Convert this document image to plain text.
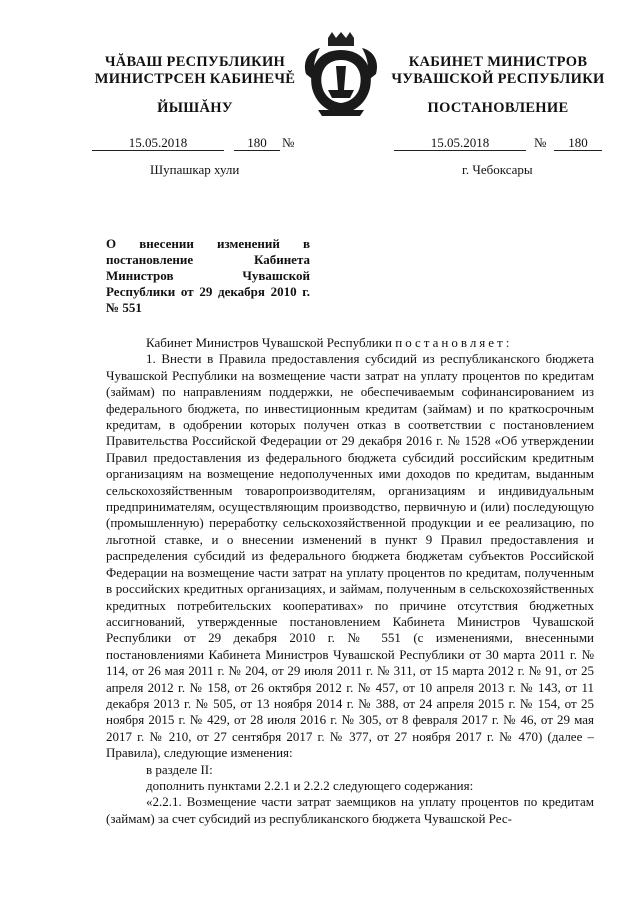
ЧĂВАШ РЕСПУБЛИКИН
МИНИСТРСЕН КАБИНЕЧĚ
КАБИНЕТ МИНИСТРОВ
ЧУВАШСКОЙ РЕСПУБЛИКИ
ЙЫШĂНУ	ПОСТАНОВЛЕНИЕ
15.05.2018	180	№	15.05.2018	№	180
Шупашкар хули	г. Чебоксары
О внесении изменений в постановление Кабинета Министров Чувашской Республики от 29 декабря 2010 г. № 551

Кабинет Министров Чувашской Республики постановляет:

1. Внести в Правила предоставления субсидий из республиканского бюджета Чувашской Республики на возмещение части затрат на уплату процентов по кредитам (займам) по направлениям поддержки, не обеспечиваемым софинансированием из федерального бюджета, по инвестиционным кредитам (займам) и по краткосрочным кредитам, в одобрении которых получен отказ в соответствии с постановлением Правительства Российской Федерации от 29 декабря 2016 г. № 1528 «Об утверждении Правил предоставления из федерального бюджета субсидий российским кредитным организациям на возмещение недополученных ими доходов по кредитам, выданным сельскохозяйственным товаропроизводителям, организациям и индивидуальным предпринимателям, осуществляющим производство, первичную и (или) последующую (промышленную) переработку сельскохозяйственной продукции и ее реализацию, по льготной ставке, и о внесении изменений в пункт 9 Правил предоставления и распределения субсидий из федерального бюджета бюджетам субъектов Российской Федерации на возмещение части затрат на уплату процентов по кредитам, полученным в российских кредитных организациях, и займам, полученным в сельскохозяйственных кредитных потребительских кооперативах» по причине отсутствия бюджетных ассигнований, утвержденные постановлением Кабинета Министров Чувашской Республики от 29 декабря 2010 г. № 551 (с изменениями, внесенными постановлениями Кабинета Министров Чувашской Республики от 30 марта 2011 г. № 114, от 26 мая 2011 г. № 204, от 29 июля 2011 г. № 311, от 15 марта 2012 г. № 91, от 25 апреля 2012 г. № 158, от 26 октября 2012 г. № 457, от 10 апреля 2013 г. № 143, от 11 декабря 2013 г. № 505, от 13 ноября 2014 г. № 388, от 24 апреля 2015 г. № 154, от 25 ноября 2015 г. № 429, от 28 июля 2016 г. № 305, от 8 февраля 2017 г. № 46, от 29 мая 2017 г. № 210, от 27 сентября 2017 г. № 377, от 27 ноября 2017 г. № 470) (далее – Правила), следующие изменения:

в разделе II:

дополнить пунктами 2.2.1 и 2.2.2 следующего содержания:

«2.2.1. Возмещение части затрат заемщиков на уплату процентов по кредитам (займам) за счет субсидий из республиканского бюджета Чувашской Рес-
